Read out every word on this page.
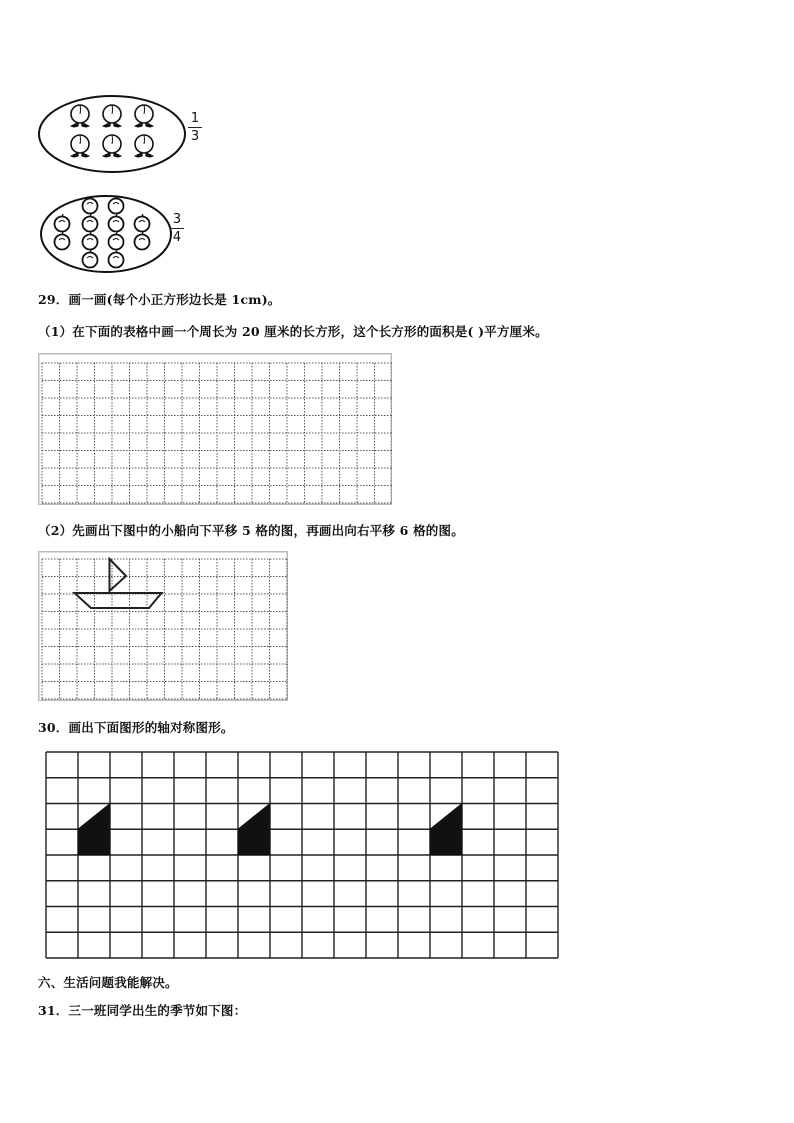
1
3
3
4
29．画一画(每个小正方形边长是 1cm)。
（1）在下面的表格中画一个周长为 20 厘米的长方形，这个长方形的面积是( )平方厘米。
（2）先画出下图中的小船向下平移 5 格的图，再画出向右平移 6 格的图。
30．画出下面图形的轴对称图形。
六、生活问题我能解决。
31．三一班同学出生的季节如下图：
